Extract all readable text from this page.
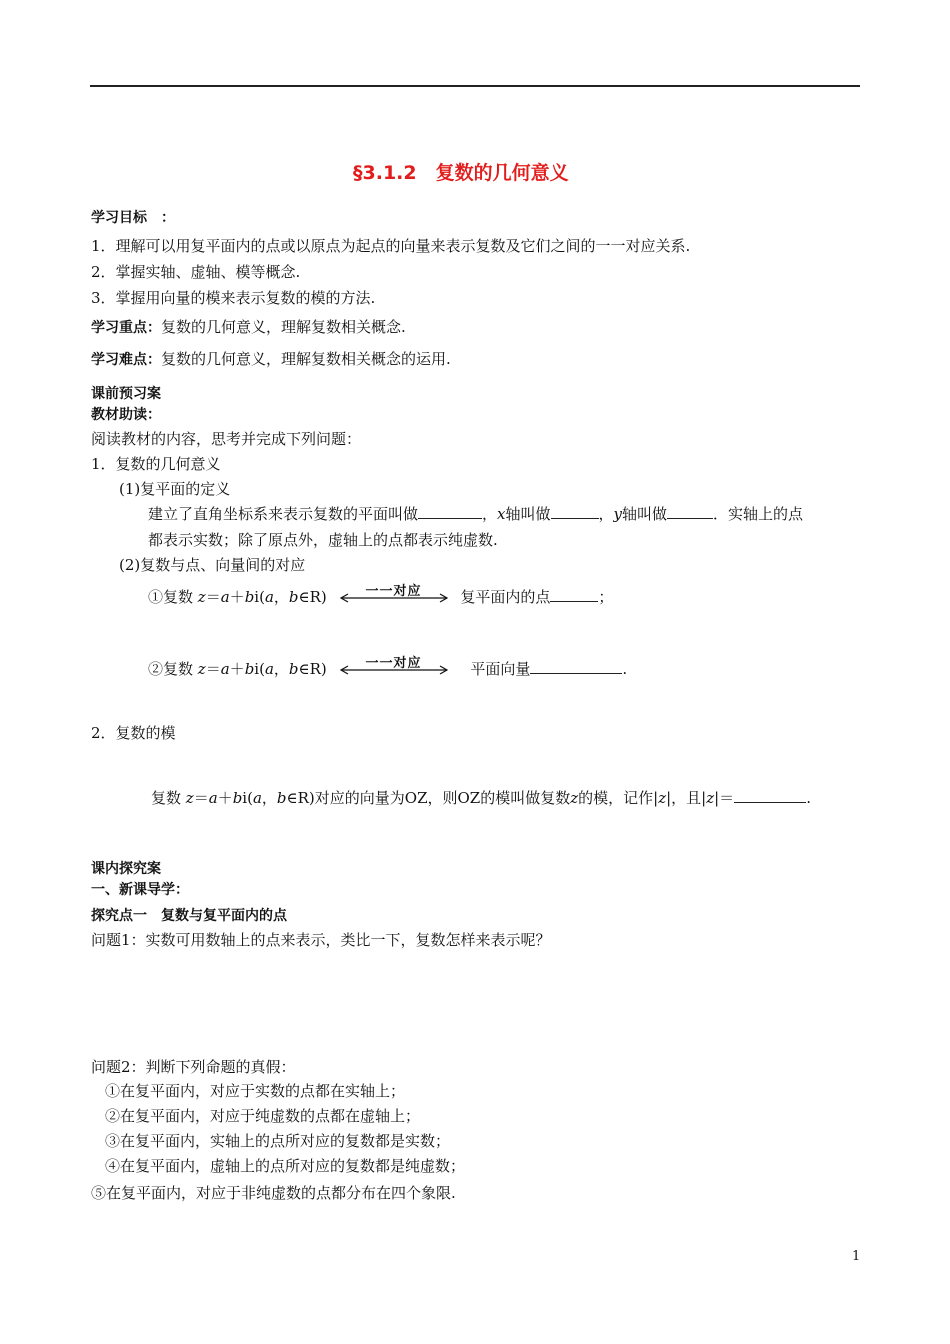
§3.1.2　复数的几何意义
学习目标　：
1．理解可以用复平面内的点或以原点为起点的向量来表示复数及它们之间的一一对应关系.
2．掌握实轴、虚轴、模等概念.
3．掌握用向量的模来表示复数的模的方法.
学习重点：复数的几何意义，理解复数相关概念.
学习难点：复数的几何意义，理解复数相关概念的运用.
课前预习案
教材助读：
阅读教材的内容，思考并完成下列问题：
1．复数的几何意义
(1)复平面的定义
建立了直角坐标系来表示复数的平面叫做	，x轴叫做	，y轴叫做	．实轴上的点
都表示实数；除了原点外，虚轴上的点都表示纯虚数.
(2)复数与点、向量间的对应
①复数 z＝a＋bi(a，b∈R)	一一对应	复平面内的点	；
②复数 z＝a＋bi(a，b∈R)	一一对应	平面向量	.
2．复数的模
复数 z＝a＋bi(a，b∈R)对应的向量为OZ，则OZ的模叫做复数z的模，记作|z|，且|z|＝	.
课内探究案
一、新课导学：
探究点一　复数与复平面内的点
问题1：实数可用数轴上的点来表示，类比一下，复数怎样来表示呢？
问题2：判断下列命题的真假：
①在复平面内，对应于实数的点都在实轴上；
②在复平面内，对应于纯虚数的点都在虚轴上；
③在复平面内，实轴上的点所对应的复数都是实数；
④在复平面内，虚轴上的点所对应的复数都是纯虚数；
⑤在复平面内，对应于非纯虚数的点都分布在四个象限.
1
